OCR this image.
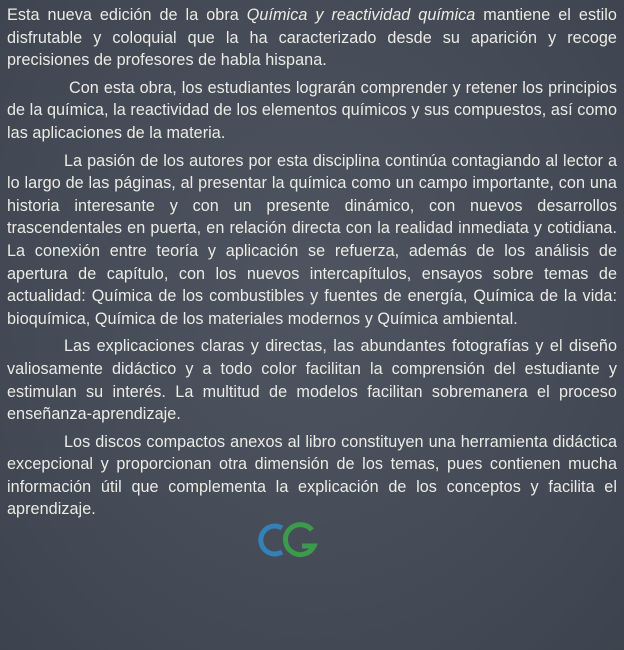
Esta nueva edición de la obra Química y reactividad química mantiene el estilo disfrutable y coloquial que la ha caracterizado desde su aparición y recoge precisiones de profesores de habla hispana.

Con esta obra, los estudiantes lograrán comprender y retener los principios de la química, la reactividad de los elementos químicos y sus compuestos, así como las aplicaciones de la materia.

La pasión de los autores por esta disciplina continúa contagiando al lector a lo largo de las páginas, al presentar la química como un campo importante, con una historia interesante y con un presente dinámico, con nuevos desarrollos trascendentales en puerta, en relación directa con la realidad inmediata y cotidiana. La conexión entre teoría y aplicación se refuerza, además de los análisis de apertura de capítulo, con los nuevos intercapítulos, ensayos sobre temas de actualidad: Química de los combustibles y fuentes de energía, Química de la vida: bioquímica, Química de los materiales modernos y Química ambiental.

Las explicaciones claras y directas, las abundantes fotografías y el diseño valiosamente didáctico y a todo color facilitan la comprensión del estudiante y estimulan su interés. La multitud de modelos facilitan sobremanera el proceso enseñanza-aprendizaje.

Los discos compactos anexos al libro constituyen una herramienta didáctica excepcional y proporcionan otra dimensión de los temas, pues contienen mucha información útil que complementa la explicación de los conceptos y facilita el aprendizaje.
